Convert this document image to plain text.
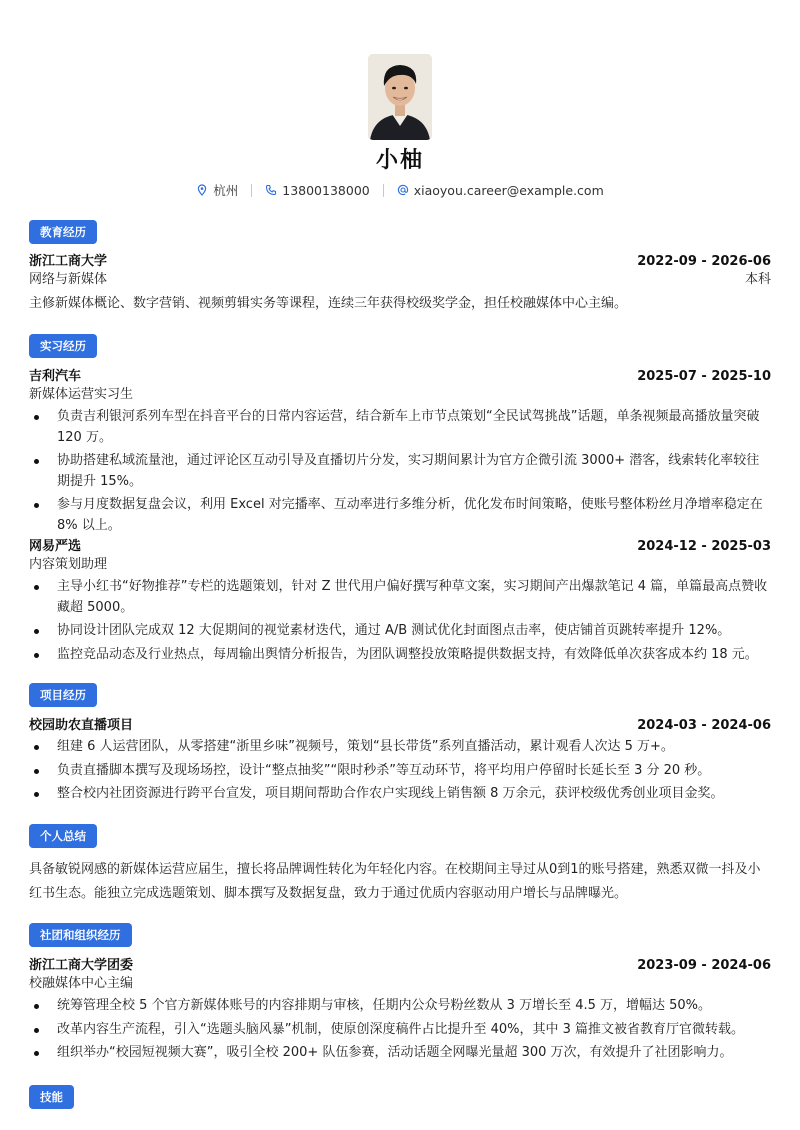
小柚
杭州	13800138000	xiaoyou.career@example.com
教育经历
浙江工商大学	2022-09 - 2026-06
网络与新媒体	本科
主修新媒体概论、数字营销、视频剪辑实务等课程，连续三年获得校级奖学金，担任校融媒体中心主编。
实习经历
吉利汽车	2025-07 - 2025-10
新媒体运营实习生
负责吉利银河系列车型在抖音平台的日常内容运营，结合新车上市节点策划“全民试驾挑战”话题，单条视频最高播放量突破 120 万。
协助搭建私域流量池，通过评论区互动引导及直播切片分发，实习期间累计为官方企微引流 3000+ 潜客，线索转化率较往期提升 15%。
参与月度数据复盘会议，利用 Excel 对完播率、互动率进行多维分析，优化发布时间策略，使账号整体粉丝月净增率稳定在 8% 以上。
网易严选	2024-12 - 2025-03
内容策划助理
主导小红书“好物推荐”专栏的选题策划，针对 Z 世代用户偏好撰写种草文案，实习期间产出爆款笔记 4 篇，单篇最高点赞收藏超 5000。
协同设计团队完成双 12 大促期间的视觉素材迭代，通过 A/B 测试优化封面图点击率，使店铺首页跳转率提升 12%。
监控竞品动态及行业热点，每周输出舆情分析报告，为团队调整投放策略提供数据支持，有效降低单次获客成本约 18 元。
项目经历
校园助农直播项目	2024-03 - 2024-06
组建 6 人运营团队，从零搭建“浙里乡味”视频号，策划“县长带货”系列直播活动，累计观看人次达 5 万+。
负责直播脚本撰写及现场场控，设计“整点抽奖”“限时秒杀”等互动环节，将平均用户停留时长延长至 3 分 20 秒。
整合校内社团资源进行跨平台宣发，项目期间帮助合作农户实现线上销售额 8 万余元，获评校级优秀创业项目金奖。
个人总结
具备敏锐网感的新媒体运营应届生，擅长将品牌调性转化为年轻化内容。在校期间主导过从0到1的账号搭建，熟悉双微一抖及小红书生态。能独立完成选题策划、脚本撰写及数据复盘，致力于通过优质内容驱动用户增长与品牌曝光。
社团和组织经历
浙江工商大学团委	2023-09 - 2024-06
校融媒体中心主编
统筹管理全校 5 个官方新媒体账号的内容排期与审核，任期内公众号粉丝数从 3 万增长至 4.5 万，增幅达 50%。
改革内容生产流程，引入“选题头脑风暴”机制，使原创深度稿件占比提升至 40%，其中 3 篇推文被省教育厅官微转载。
组织举办“校园短视频大赛”，吸引全校 200+ 队伍参赛，活动话题全网曝光量超 300 万次，有效提升了社团影响力。
技能
